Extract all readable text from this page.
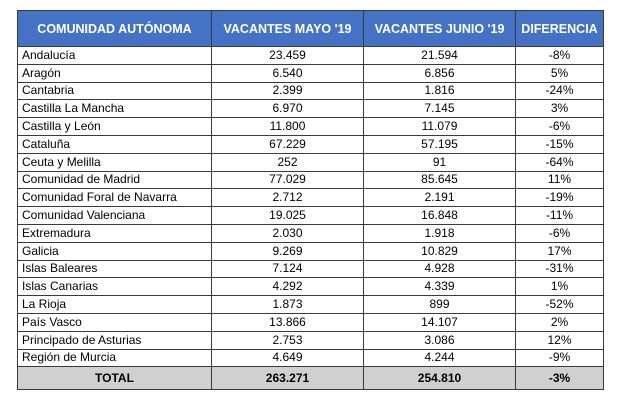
COMUNIDAD AUTÓNOMA	VACANTES MAYO '19	VACANTES JUNIO '19	DIFERENCIA
Andalucía	23.459	21.594	-8%
Aragón	6.540	6.856	5%
Cantabria	2.399	1.816	-24%
Castilla La Mancha	6.970	7.145	3%
Castilla y León	11.800	11.079	-6%
Cataluña	67.229	57.195	-15%
Ceuta y Melilla	252	91	-64%
Comunidad de Madrid	77.029	85.645	11%
Comunidad Foral de Navarra	2.712	2.191	-19%
Comunidad Valenciana	19.025	16.848	-11%
Extremadura	2.030	1.918	-6%
Galicia	9.269	10.829	17%
Islas Baleares	7.124	4.928	-31%
Islas Canarias	4.292	4.339	1%
La Rioja	1.873	899	-52%
País Vasco	13.866	14.107	2%
Principado de Asturias	2.753	3.086	12%
Región de Murcia	4.649	4.244	-9%
TOTAL	263.271	254.810	-3%
